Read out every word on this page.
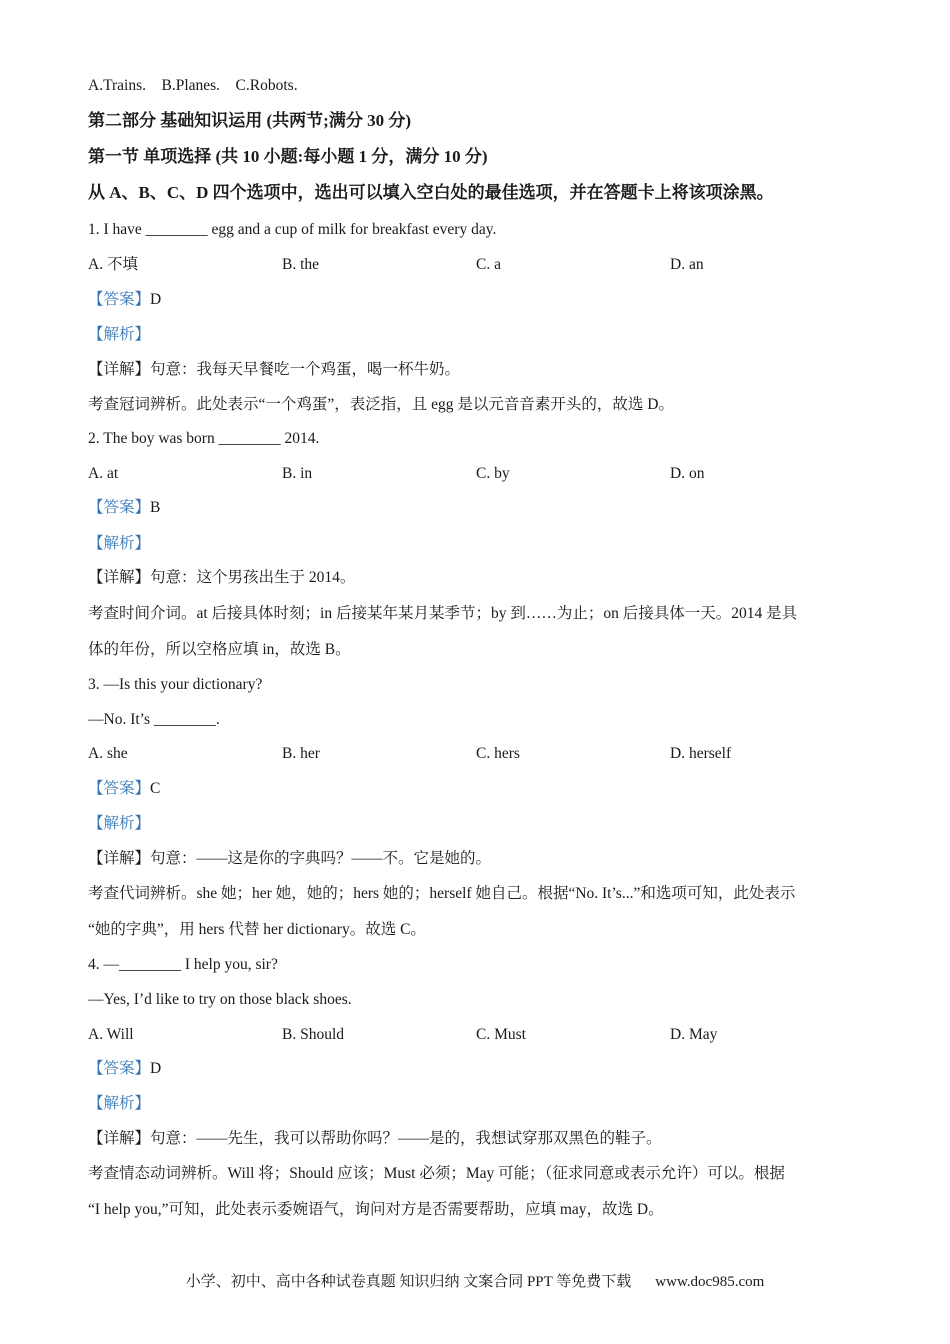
A.Trains.    B.Planes.    C.Robots.
第二部分 基础知识运用 (共两节;满分 30 分)
第一节 单项选择 (共 10 小题:每小题 1 分，满分 10 分)
从 A、B、C、D 四个选项中，选出可以填入空白处的最佳选项，并在答题卡上将该项涂黑。
1. I have ________ egg and a cup of milk for breakfast every day.
A. 不填	B. the	C. a	D. an
【答案】D
【解析】
【详解】句意：我每天早餐吃一个鸡蛋，喝一杯牛奶。
考查冠词辨析。此处表示“一个鸡蛋”，表泛指，且 egg 是以元音音素开头的，故选 D。
2. The boy was born ________ 2014.
A. at	B. in	C. by	D. on
【答案】B
【解析】
【详解】句意：这个男孩出生于 2014。
考查时间介词。at 后接具体时刻；in 后接某年某月某季节；by 到……为止；on 后接具体一天。2014 是具
体的年份，所以空格应填 in，故选 B。
3. —Is this your dictionary?
—No. It’s ________.
A. she	B. her	C. hers	D. herself
【答案】C
【解析】
【详解】句意：——这是你的字典吗？——不。它是她的。
考查代词辨析。she 她；her 她，她的；hers 她的；herself 她自己。根据“No. It’s...”和选项可知，此处表示
“她的字典”，用 hers 代替 her dictionary。故选 C。
4. —________ I help you, sir?
—Yes, I’d like to try on those black shoes.
A. Will	B. Should	C. Must	D. May
【答案】D
【解析】
【详解】句意：——先生，我可以帮助你吗？——是的，我想试穿那双黑色的鞋子。
考查情态动词辨析。Will 将；Should 应该；Must 必须；May 可能；（征求同意或表示允许）可以。根据
“I help you,”可知，此处表示委婉语气，询问对方是否需要帮助，应填 may，故选 D。
小学、初中、高中各种试卷真题 知识归纳 文案合同 PPT 等免费下载 www.doc985.com
